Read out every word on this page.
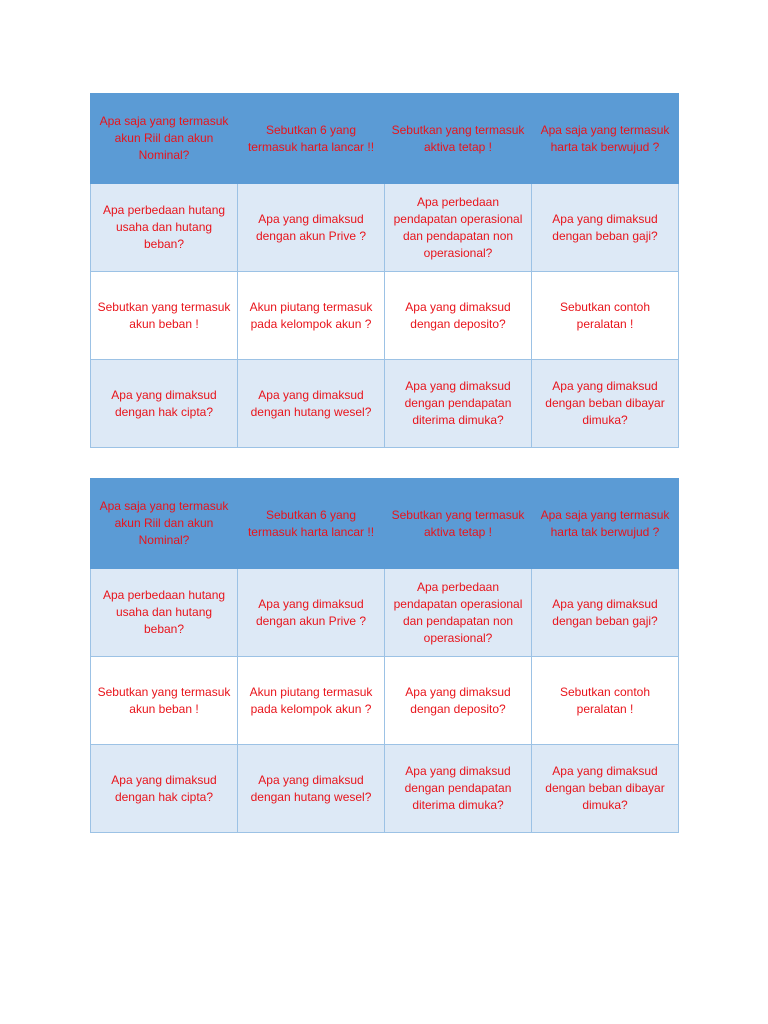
Apa saja yang termasuk akun Riil dan akun Nominal?	Sebutkan 6 yang termasuk harta lancar !!	Sebutkan yang termasuk aktiva tetap !	Apa saja yang termasuk harta tak berwujud ?
Apa perbedaan hutang usaha dan hutang beban?	Apa yang dimaksud dengan akun Prive ?	Apa perbedaan pendapatan operasional dan pendapatan non operasional?	Apa yang dimaksud dengan beban gaji?
Sebutkan yang termasuk akun beban !	Akun piutang termasuk pada kelompok akun ?	Apa yang dimaksud dengan deposito?	Sebutkan contoh peralatan !
Apa yang dimaksud dengan hak cipta?	Apa yang dimaksud dengan hutang wesel?	Apa yang dimaksud dengan pendapatan diterima dimuka?	Apa yang dimaksud dengan beban dibayar dimuka?
Apa saja yang termasuk akun Riil dan akun Nominal?	Sebutkan 6 yang termasuk harta lancar !!	Sebutkan yang termasuk aktiva tetap !	Apa saja yang termasuk harta tak berwujud ?
Apa perbedaan hutang usaha dan hutang beban?	Apa yang dimaksud dengan akun Prive ?	Apa perbedaan pendapatan operasional dan pendapatan non operasional?	Apa yang dimaksud dengan beban gaji?
Sebutkan yang termasuk akun beban !	Akun piutang termasuk pada kelompok akun ?	Apa yang dimaksud dengan deposito?	Sebutkan contoh peralatan !
Apa yang dimaksud dengan hak cipta?	Apa yang dimaksud dengan hutang wesel?	Apa yang dimaksud dengan pendapatan diterima dimuka?	Apa yang dimaksud dengan beban dibayar dimuka?
